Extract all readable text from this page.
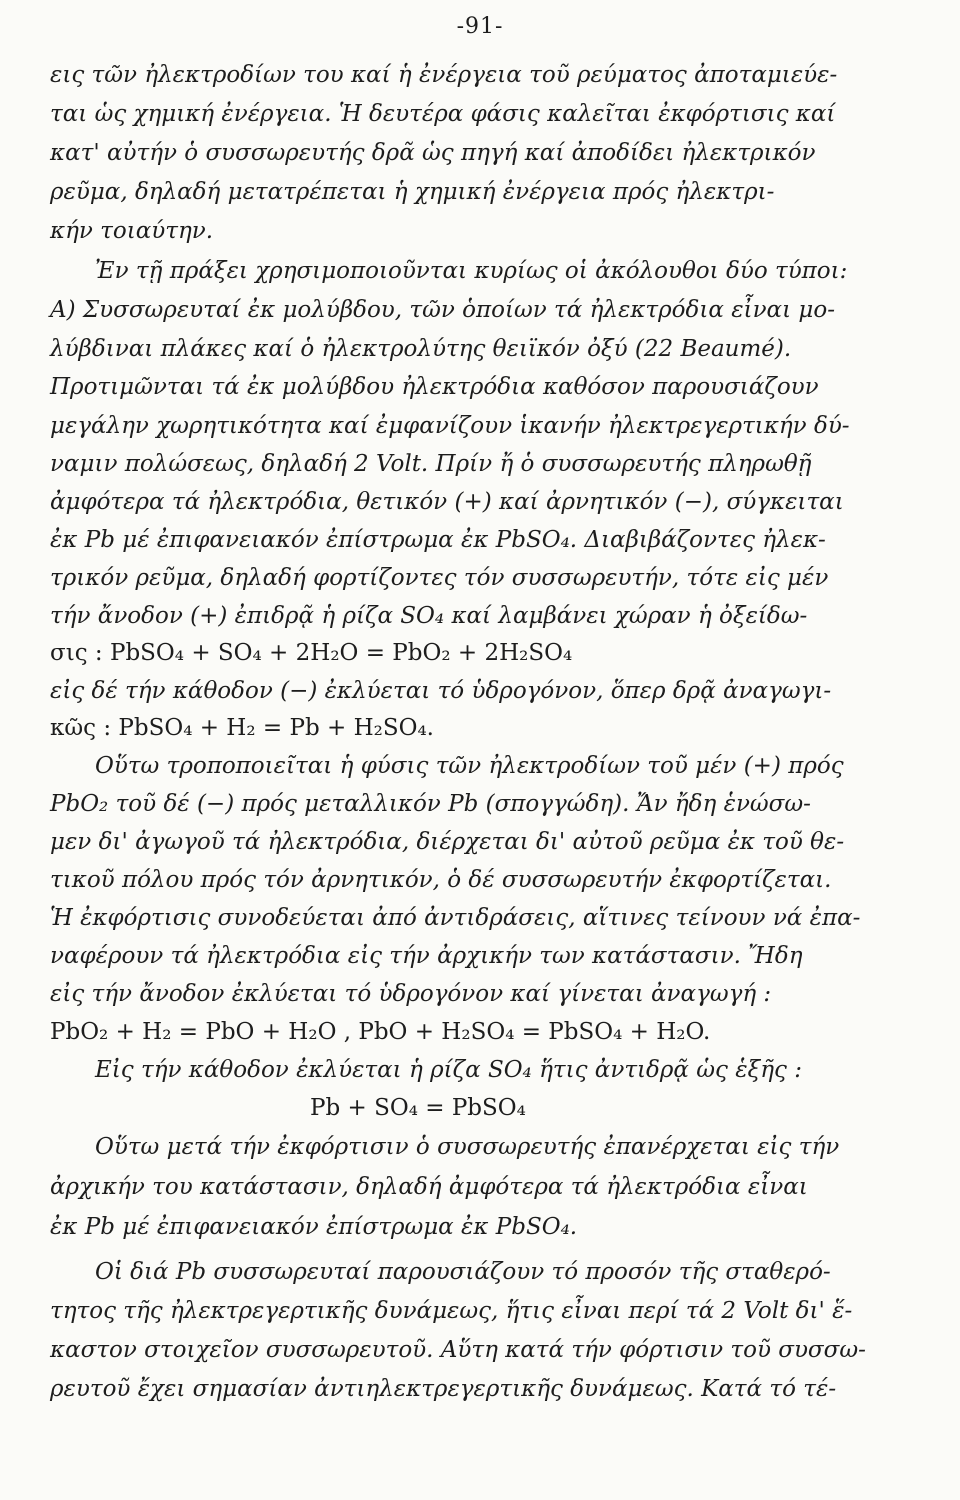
-91-
εις τῶν ἠλεκτροδίων του καί ἡ ἐνέργεια τοῦ ρεύματος ἀποταμιεύε-
ται ὡς χημική ἐνέργεια. Ἡ δευτέρα φάσις καλεῖται ἐκφόρτισις καί
κατ' αὐτήν ὁ συσσωρευτής δρᾶ ὡς πηγή καί ἀποδίδει ἠλεκτρικόν
ρεῦμα, δηλαδή μετατρέπεται ἡ χημική ἐνέργεια πρός ἠλεκτρι-
κήν τοιαύτην.
Ἐν τῇ πράξει χρησιμοποιοῦνται κυρίως οἱ ἀκόλουθοι δύο τύποι:
A) Συσσωρευταί ἐκ μολύβδου, τῶν ὁποίων τά ἠλεκτρόδια εἶναι μο-
λύβδιναι πλάκες καί ὁ ἠλεκτρολύτης θειϊκόν ὀξύ (22 Beaumé).
Προτιμῶνται τά ἐκ μολύβδου ἠλεκτρόδια καθόσον παρουσιάζουν
μεγάλην χωρητικότητα καί ἐμφανίζουν ἱκανήν ἠλεκτρεγερτικήν δύ-
ναμιν πολώσεως, δηλαδή 2 Volt. Πρίν ἤ ὁ συσσωρευτής πληρωθῇ
ἀμφότερα τά ἠλεκτρόδια, θετικόν (+) καί ἀρνητικόν (−), σύγκειται
ἐκ Pb μέ ἐπιφανειακόν ἐπίστρωμα ἐκ PbSO₄. Διαβιβάζοντες ἠλεκ-
τρικόν ρεῦμα, δηλαδή φορτίζοντες τόν συσσωρευτήν, τότε εἰς μέν
τήν ἄνοδον (+) ἐπιδρᾷ ἡ ρίζα SO₄ καί λαμβάνει χώραν ἡ ὀξείδω-
σις : PbSO₄ + SO₄ + 2H₂O = PbO₂ + 2H₂SO₄
εἰς δέ τήν κάθοδον (−) ἐκλύεται τό ὑδρογόνον, ὅπερ δρᾷ ἀναγωγι-
κῶς : PbSO₄ + H₂ = Pb + H₂SO₄.
Οὕτω τροποποιεῖται ἡ φύσις τῶν ἠλεκτροδίων τοῦ μέν (+) πρός
PbO₂ τοῦ δέ (−) πρός μεταλλικόν Pb (σπογγώδη). Ἄν ἤδη ἑνώσω-
μεν δι' ἀγωγοῦ τά ἠλεκτρόδια, διέρχεται δι' αὐτοῦ ρεῦμα ἐκ τοῦ θε-
τικοῦ πόλου πρός τόν ἀρνητικόν, ὁ δέ συσσωρευτήν ἐκφορτίζεται.
Ἡ ἐκφόρτισις συνοδεύεται ἀπό ἀντιδράσεις, αἵτινες τείνουν νά ἐπα-
ναφέρουν τά ἠλεκτρόδια εἰς τήν ἀρχικήν των κατάστασιν. Ἤδη
εἰς τήν ἄνοδον ἐκλύεται τό ὑδρογόνον καί γίνεται ἀναγωγή :
PbO₂ + H₂ = PbO + H₂O , PbO + H₂SO₄ = PbSO₄ + H₂O.
Εἰς τήν κάθοδον ἐκλύεται ἡ ρίζα SO₄ ἥτις ἀντιδρᾷ ὡς ἑξῆς :
Pb + SO₄ = PbSO₄
Οὕτω μετά τήν ἐκφόρτισιν ὁ συσσωρευτής ἐπανέρχεται εἰς τήν
ἀρχικήν του κατάστασιν, δηλαδή ἀμφότερα τά ἠλεκτρόδια εἶναι
ἐκ Pb μέ ἐπιφανειακόν ἐπίστρωμα ἐκ PbSO₄.
Οἱ διά Pb συσσωρευταί παρουσιάζουν τό προσόν τῆς σταθερό-
τητος τῆς ἠλεκτρεγερτικῆς δυνάμεως, ἥτις εἶναι περί τά 2 Volt δι' ἕ-
καστον στοιχεῖον συσσωρευτοῦ. Αὕτη κατά τήν φόρτισιν τοῦ συσσω-
ρευτοῦ ἔχει σημασίαν ἀντιηλεκτρεγερτικῆς δυνάμεως. Κατά τό τέ-
